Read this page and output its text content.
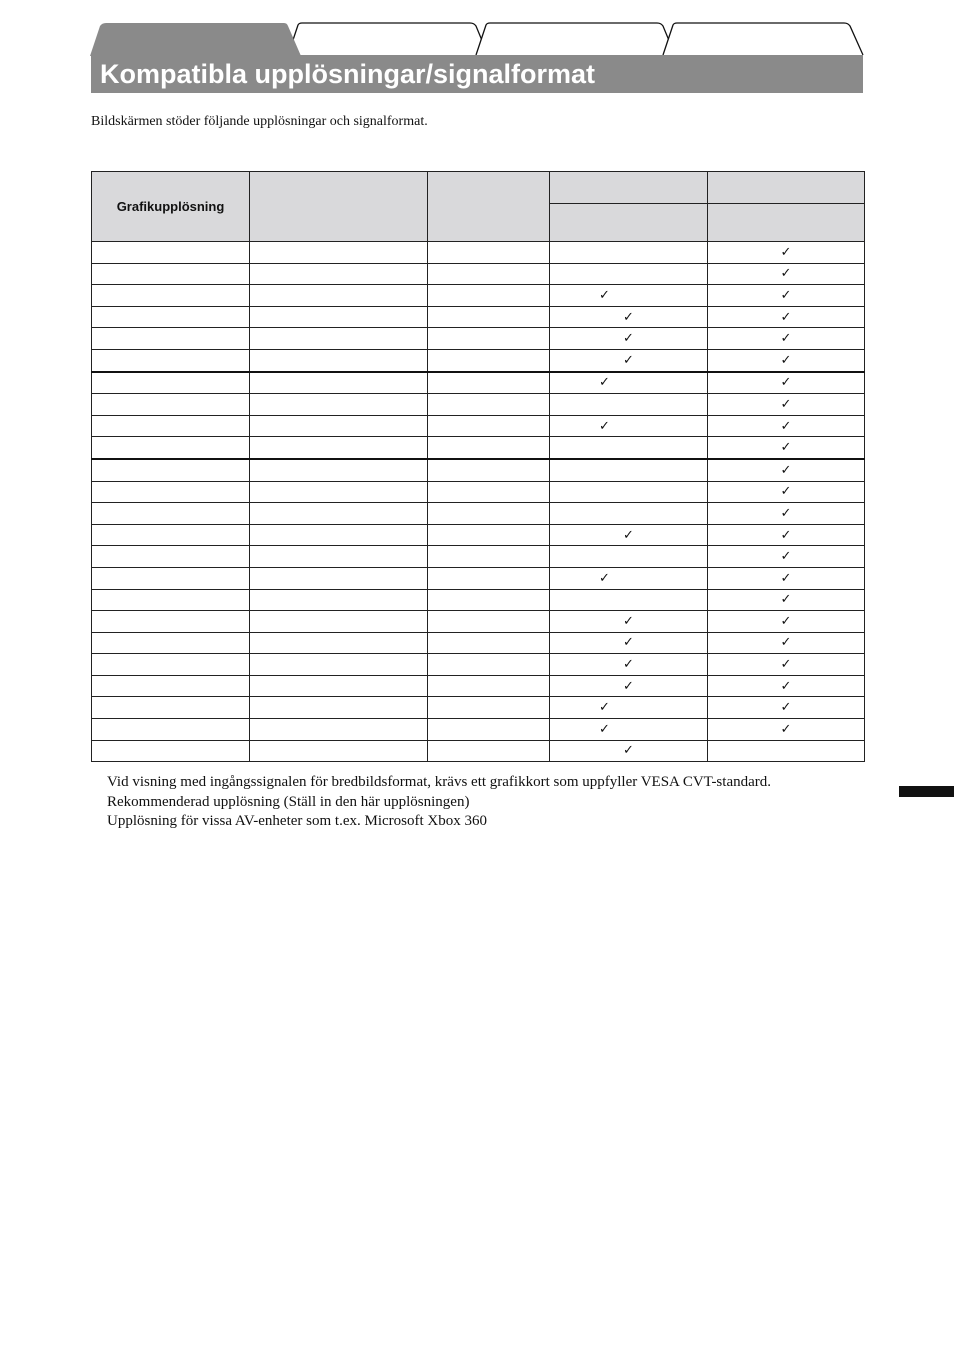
Kompatibla upplösningar/signalformat
Bildskärmen stöder följande upplösningar och signalformat.
Grafikupplösning				

				✓
				✓
			✓	✓
			✓	✓
			✓	✓
			✓	✓
			✓	✓
				✓
			✓	✓
				✓
				✓
				✓
				✓
			✓	✓
				✓
			✓	✓
				✓
			✓	✓
			✓	✓
			✓	✓
			✓	✓
			✓	✓
			✓	✓
			✓	
Vid visning med ingångssignalen för bredbildsformat, krävs ett grafikkort som uppfyller VESA CVT-standard.
Rekommenderad upplösning (Ställ in den här upplösningen)
Upplösning för vissa AV-enheter som t.ex. Microsoft Xbox 360
